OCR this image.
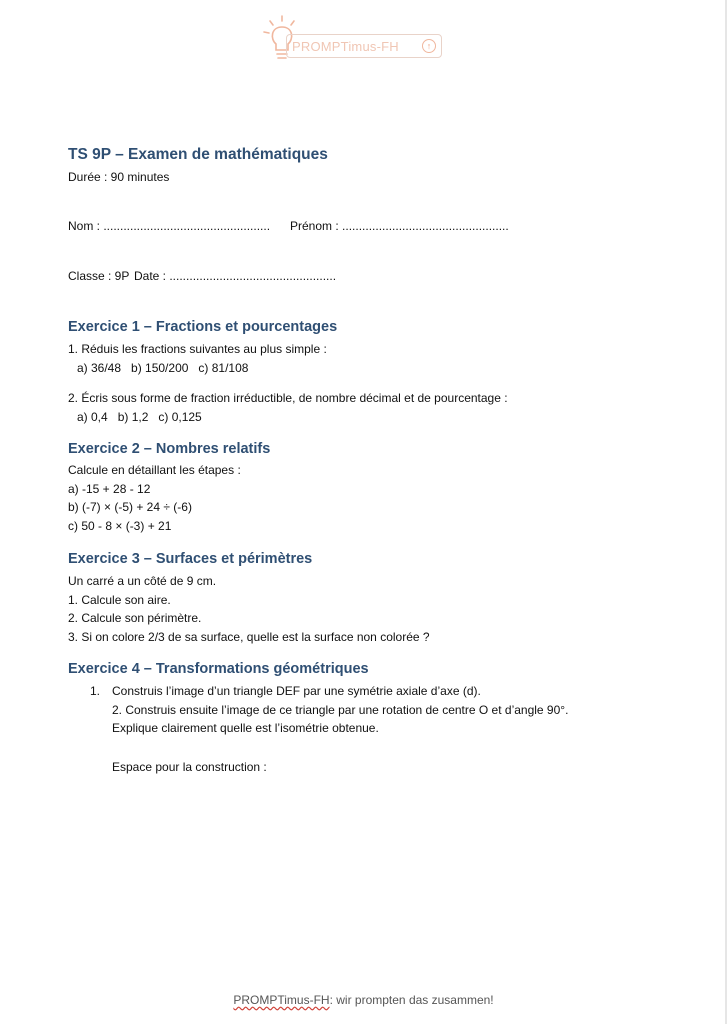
PROMPTimus-FH	↑
TS 9P – Examen de mathématiques
Durée : 90 minutes
Nom : .................................................. Prénom : ..................................................
Classe : 9P Date : ..................................................
Exercice 1 – Fractions et pourcentages
1. Réduis les fractions suivantes au plus simple :
a) 36/48   b) 150/200   c) 81/108
2. Écris sous forme de fraction irréductible, de nombre décimal et de pourcentage :
a) 0,4   b) 1,2   c) 0,125
Exercice 2 – Nombres relatifs
Calcule en détaillant les étapes :
a) -15 + 28 - 12
b) (-7) × (-5) + 24 ÷ (-6)
c) 50 - 8 × (-3) + 21
Exercice 3 – Surfaces et périmètres
Un carré a un côté de 9 cm.
1. Calcule son aire.
2. Calcule son périmètre.
3. Si on colore 2/3 de sa surface, quelle est la surface non colorée ?
Exercice 4 – Transformations géométriques
1. Construis l’image d’un triangle DEF par une symétrie axiale d’axe (d).
2. Construis ensuite l’image de ce triangle par une rotation de centre O et d’angle 90°.
Explique clairement quelle est l’isométrie obtenue.
Espace pour la construction :
PROMPTimus-FH: wir prompten das zusammen!
